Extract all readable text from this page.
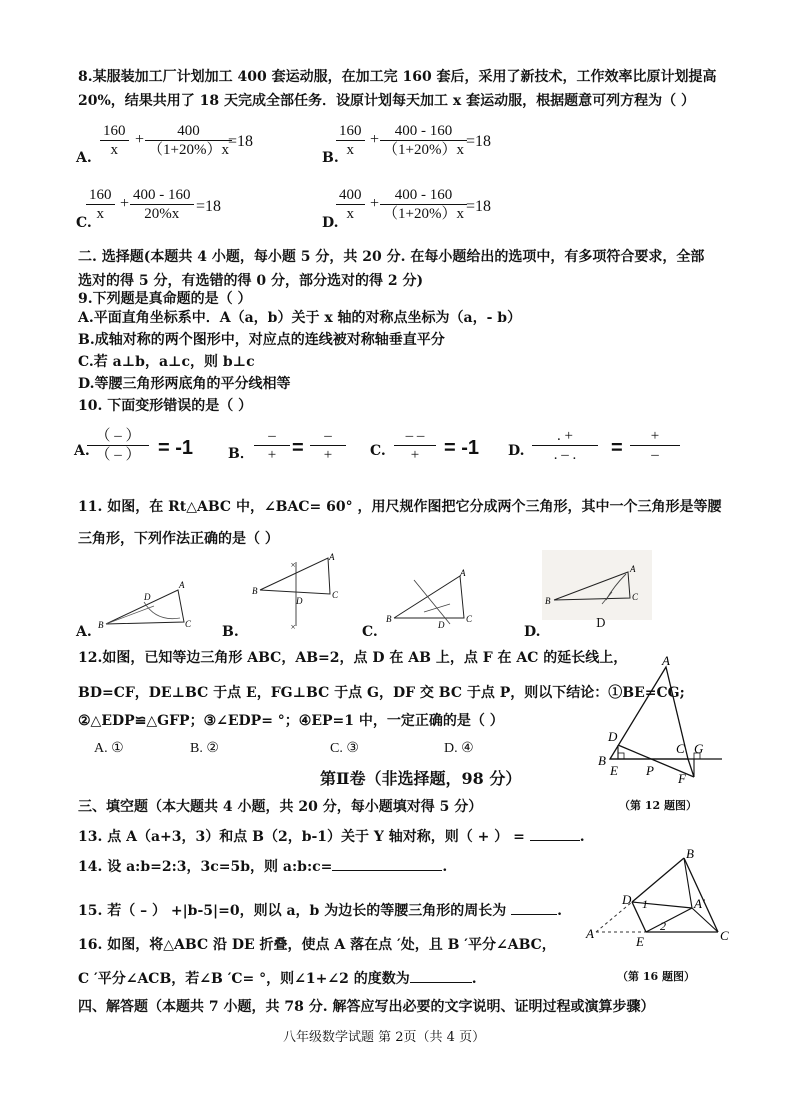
8.某服装加工厂计划加工 400 套运动服，在加工完 160 套后，采用了新技术，工作效率比原计划提高
20%，结果共用了 18 天完成全部任务．设原计划每天加工 x 套运动服，根据题意可列方程为（ ）
A. $\frac{160}{x} + \frac{400}{(1+20\%)x}$
=18
B.
$\frac{160}{x} + \frac{400 - 160}{(1+20\%)x} =18$
C.
$\frac{160}{x} + \frac{400 - 160}{20\%x} =18$
D.
$\frac{400}{x} + \frac{400 - 160}{(1+20\%)x} =18$
二. 选择题(本题共 4 小题，每小题 5 分，共 20 分. 在每小题给出的选项中，有多项符合要求，全部
选对的得 5 分，有选错的得 0 分，部分选对的得 2 分)
9.下列题是真命题的是（ ）
A.平面直角坐标系中．A（a，b）关于 x 轴的对称点坐标为（a，- b）
B.成轴对称的两个图形中，对应点的连线被对称轴垂直平分
C.若 a⊥b，a⊥c，则 b⊥c
D.等腰三角形两底角的平分线相等
10. 下面变形错误的是（ ）
A.
（ – ）
（ – ） = -1 B．
–
+ =
–
+	C.
– –
+	= -1 D.
. +
. – .	=
+
–
11. 如图，在 Rt△ABC 中，∠BAC= 60° ，用尺规作图把它分成两个三角形，其中一个三角形是等腰
三角形，下列作法正确的是（ ）
A
B	C
D
A.
×
×
A
B	C
D
B.
A
B	C
D
C.
A
B	C
D
D.
12.如图，已知等边三角形 ABC，AB=2，点 D 在 AB 上，点 F 在 AC 的延长线上，
BD=CF，DE⊥BC 于点 E，FG⊥BC 于点 G，DF 交 BC 于点 P，则以下结论：①BE=CG;
②△EDP≌△GFP；③∠EDP= °；④EP=1 中，一定正确的是（ ）
A. ①	B. ②	C. ③	D. ④
A
B
C
D
E
F
G
P
（第 12 题图）
第Ⅱ卷（非选择题，98 分）
三、填空题（本大题共 4 小题，共 20 分，每小题填对得 5 分）
13. 点 A（a+3，3）和点 B（2，b-1）关于 Y 轴对称，则（ + ） =	.
14. 设 a:b=2:3，3c=5b，则 a:b:c=	.
15. 若（ – ） +|b-5|=0，则以 a，b 为边长的等腰三角形的周长为	.
16. 如图，将△ABC 沿 DE 折叠，使点 A 落在点 ′处，且 B ′平分∠ABC，
C ′平分∠ACB，若∠B ′C= °，则∠1+∠2 的度数为	.
A
B
C
D
E
A′
1
2
（第 16 题图）
四、解答题（本题共 7 小题，共 78 分. 解答应写出必要的文字说明、证明过程或演算步骤）
八年级数学试题 第 2页（共 4 页）
